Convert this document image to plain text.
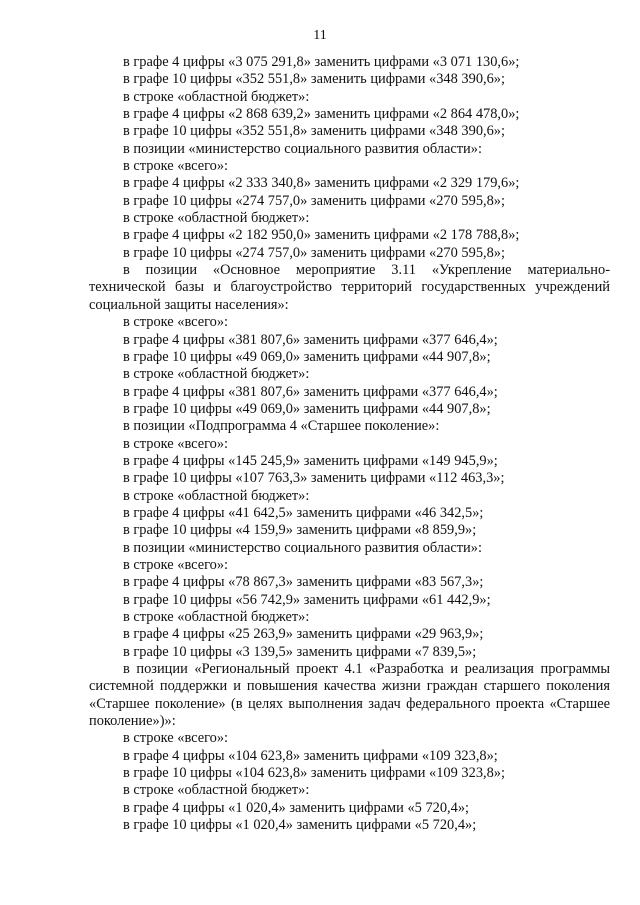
11
в графе 4 цифры «3 075 291,8» заменить цифрами «3 071 130,6»;
в графе 10 цифры «352 551,8» заменить цифрами «348 390,6»;
в строке «областной бюджет»:
в графе 4 цифры «2 868 639,2» заменить цифрами «2 864 478,0»;
в графе 10 цифры «352 551,8» заменить цифрами «348 390,6»;
в позиции «министерство социального развития области»:
в строке «всего»:
в графе 4 цифры «2 333 340,8» заменить цифрами «2 329 179,6»;
в графе 10 цифры «274 757,0» заменить цифрами «270 595,8»;
в строке «областной бюджет»:
в графе 4 цифры «2 182 950,0» заменить цифрами «2 178 788,8»;
в графе 10 цифры «274 757,0» заменить цифрами «270 595,8»;
в позиции «Основное мероприятие 3.11 «Укрепление материально-технической базы и благоустройство территорий государственных учреждений социальной защиты населения»:
в строке «всего»:
в графе 4 цифры «381 807,6» заменить цифрами «377 646,4»;
в графе 10 цифры «49 069,0» заменить цифрами «44 907,8»;
в строке «областной бюджет»:
в графе 4 цифры «381 807,6» заменить цифрами «377 646,4»;
в графе 10 цифры «49 069,0» заменить цифрами «44 907,8»;
в позиции «Подпрограмма 4 «Старшее поколение»:
в строке «всего»:
в графе 4 цифры «145 245,9» заменить цифрами «149 945,9»;
в графе 10 цифры «107 763,3» заменить цифрами «112 463,3»;
в строке «областной бюджет»:
в графе 4 цифры «41 642,5» заменить цифрами «46 342,5»;
в графе 10 цифры «4 159,9» заменить цифрами «8 859,9»;
в позиции «министерство социального развития области»:
в строке «всего»:
в графе 4 цифры «78 867,3» заменить цифрами «83 567,3»;
в графе 10 цифры «56 742,9» заменить цифрами «61 442,9»;
в строке «областной бюджет»:
в графе 4 цифры «25 263,9» заменить цифрами «29 963,9»;
в графе 10 цифры «3 139,5» заменить цифрами «7 839,5»;
в позиции «Региональный проект 4.1 «Разработка и реализация программы системной поддержки и повышения качества жизни граждан старшего поколения «Старшее поколение» (в целях выполнения задач федерального проекта «Старшее поколение»)»:
в строке «всего»:
в графе 4 цифры «104 623,8» заменить цифрами «109 323,8»;
в графе 10 цифры «104 623,8» заменить цифрами «109 323,8»;
в строке «областной бюджет»:
в графе 4 цифры «1 020,4» заменить цифрами «5 720,4»;
в графе 10 цифры «1 020,4» заменить цифрами «5 720,4»;
